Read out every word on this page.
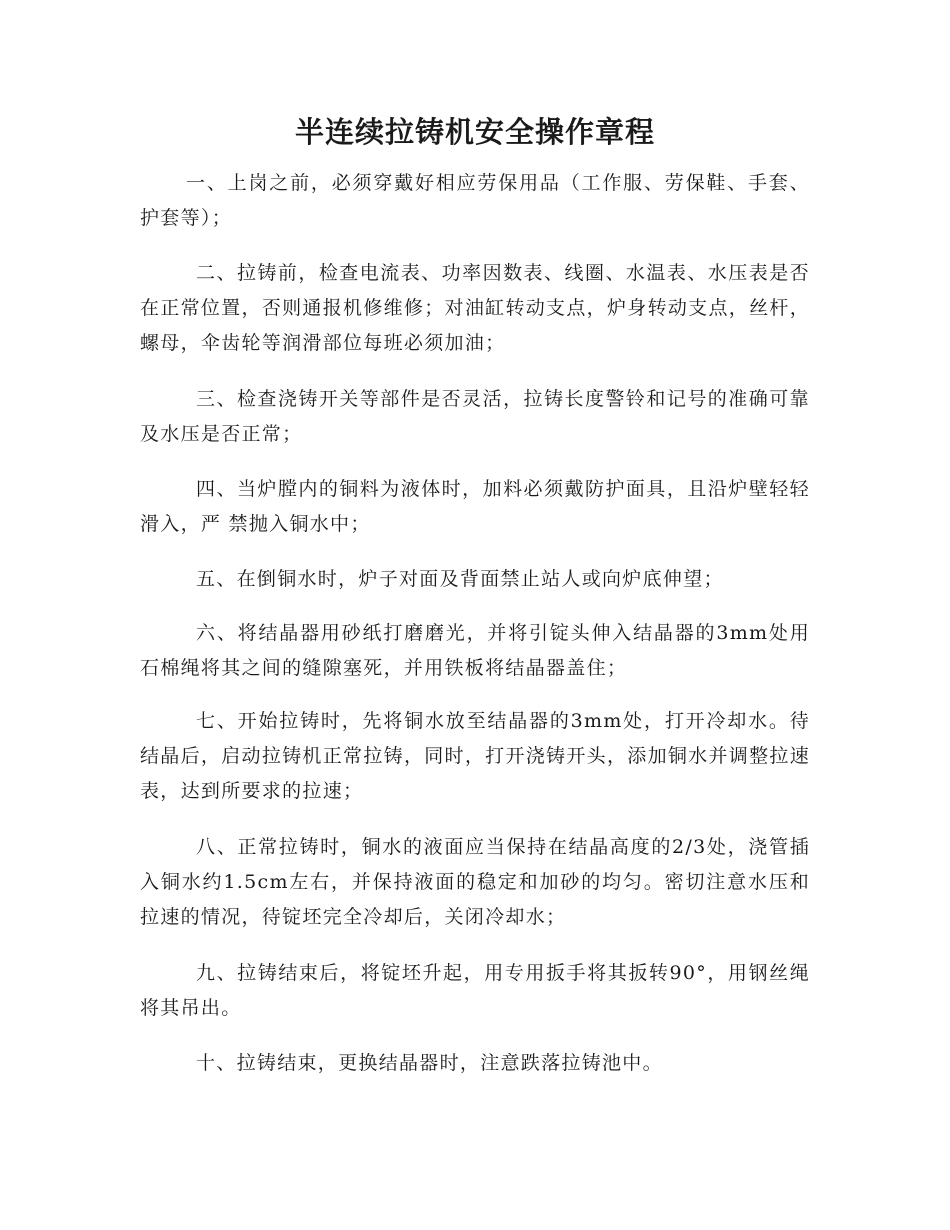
半连续拉铸机安全操作章程

一、上岗之前，必须穿戴好相应劳保用品（工作服、劳保鞋、手套、护套等）；

二、拉铸前，检查电流表、功率因数表、线圈、水温表、水压表是否在正常位置，否则通报机修维修；对油缸转动支点，炉身转动支点，丝杆，螺母，伞齿轮等润滑部位每班必须加油；

三、检查浇铸开关等部件是否灵活，拉铸长度警铃和记号的准确可靠及水压是否正常；

四、当炉膛内的铜料为液体时，加料必须戴防护面具，且沿炉壁轻轻滑入，严 禁抛入铜水中；

五、在倒铜水时，炉子对面及背面禁止站人或向炉底伸望；

六、将结晶器用砂纸打磨磨光，并将引锭头伸入结晶器的3mm处用石棉绳将其之间的缝隙塞死，并用铁板将结晶器盖住；

七、开始拉铸时，先将铜水放至结晶器的3mm处，打开冷却水。待结晶后，启动拉铸机正常拉铸，同时，打开浇铸开头，添加铜水并调整拉速表，达到所要求的拉速；

八、正常拉铸时，铜水的液面应当保持在结晶高度的2/3处，浇管插入铜水约1.5cm左右，并保持液面的稳定和加砂的均匀。密切注意水压和拉速的情况，待锭坯完全冷却后，关闭冷却水；

九、拉铸结束后，将锭坯升起，用专用扳手将其扳转90°，用钢丝绳将其吊出。

十、拉铸结束，更换结晶器时，注意跌落拉铸池中。
